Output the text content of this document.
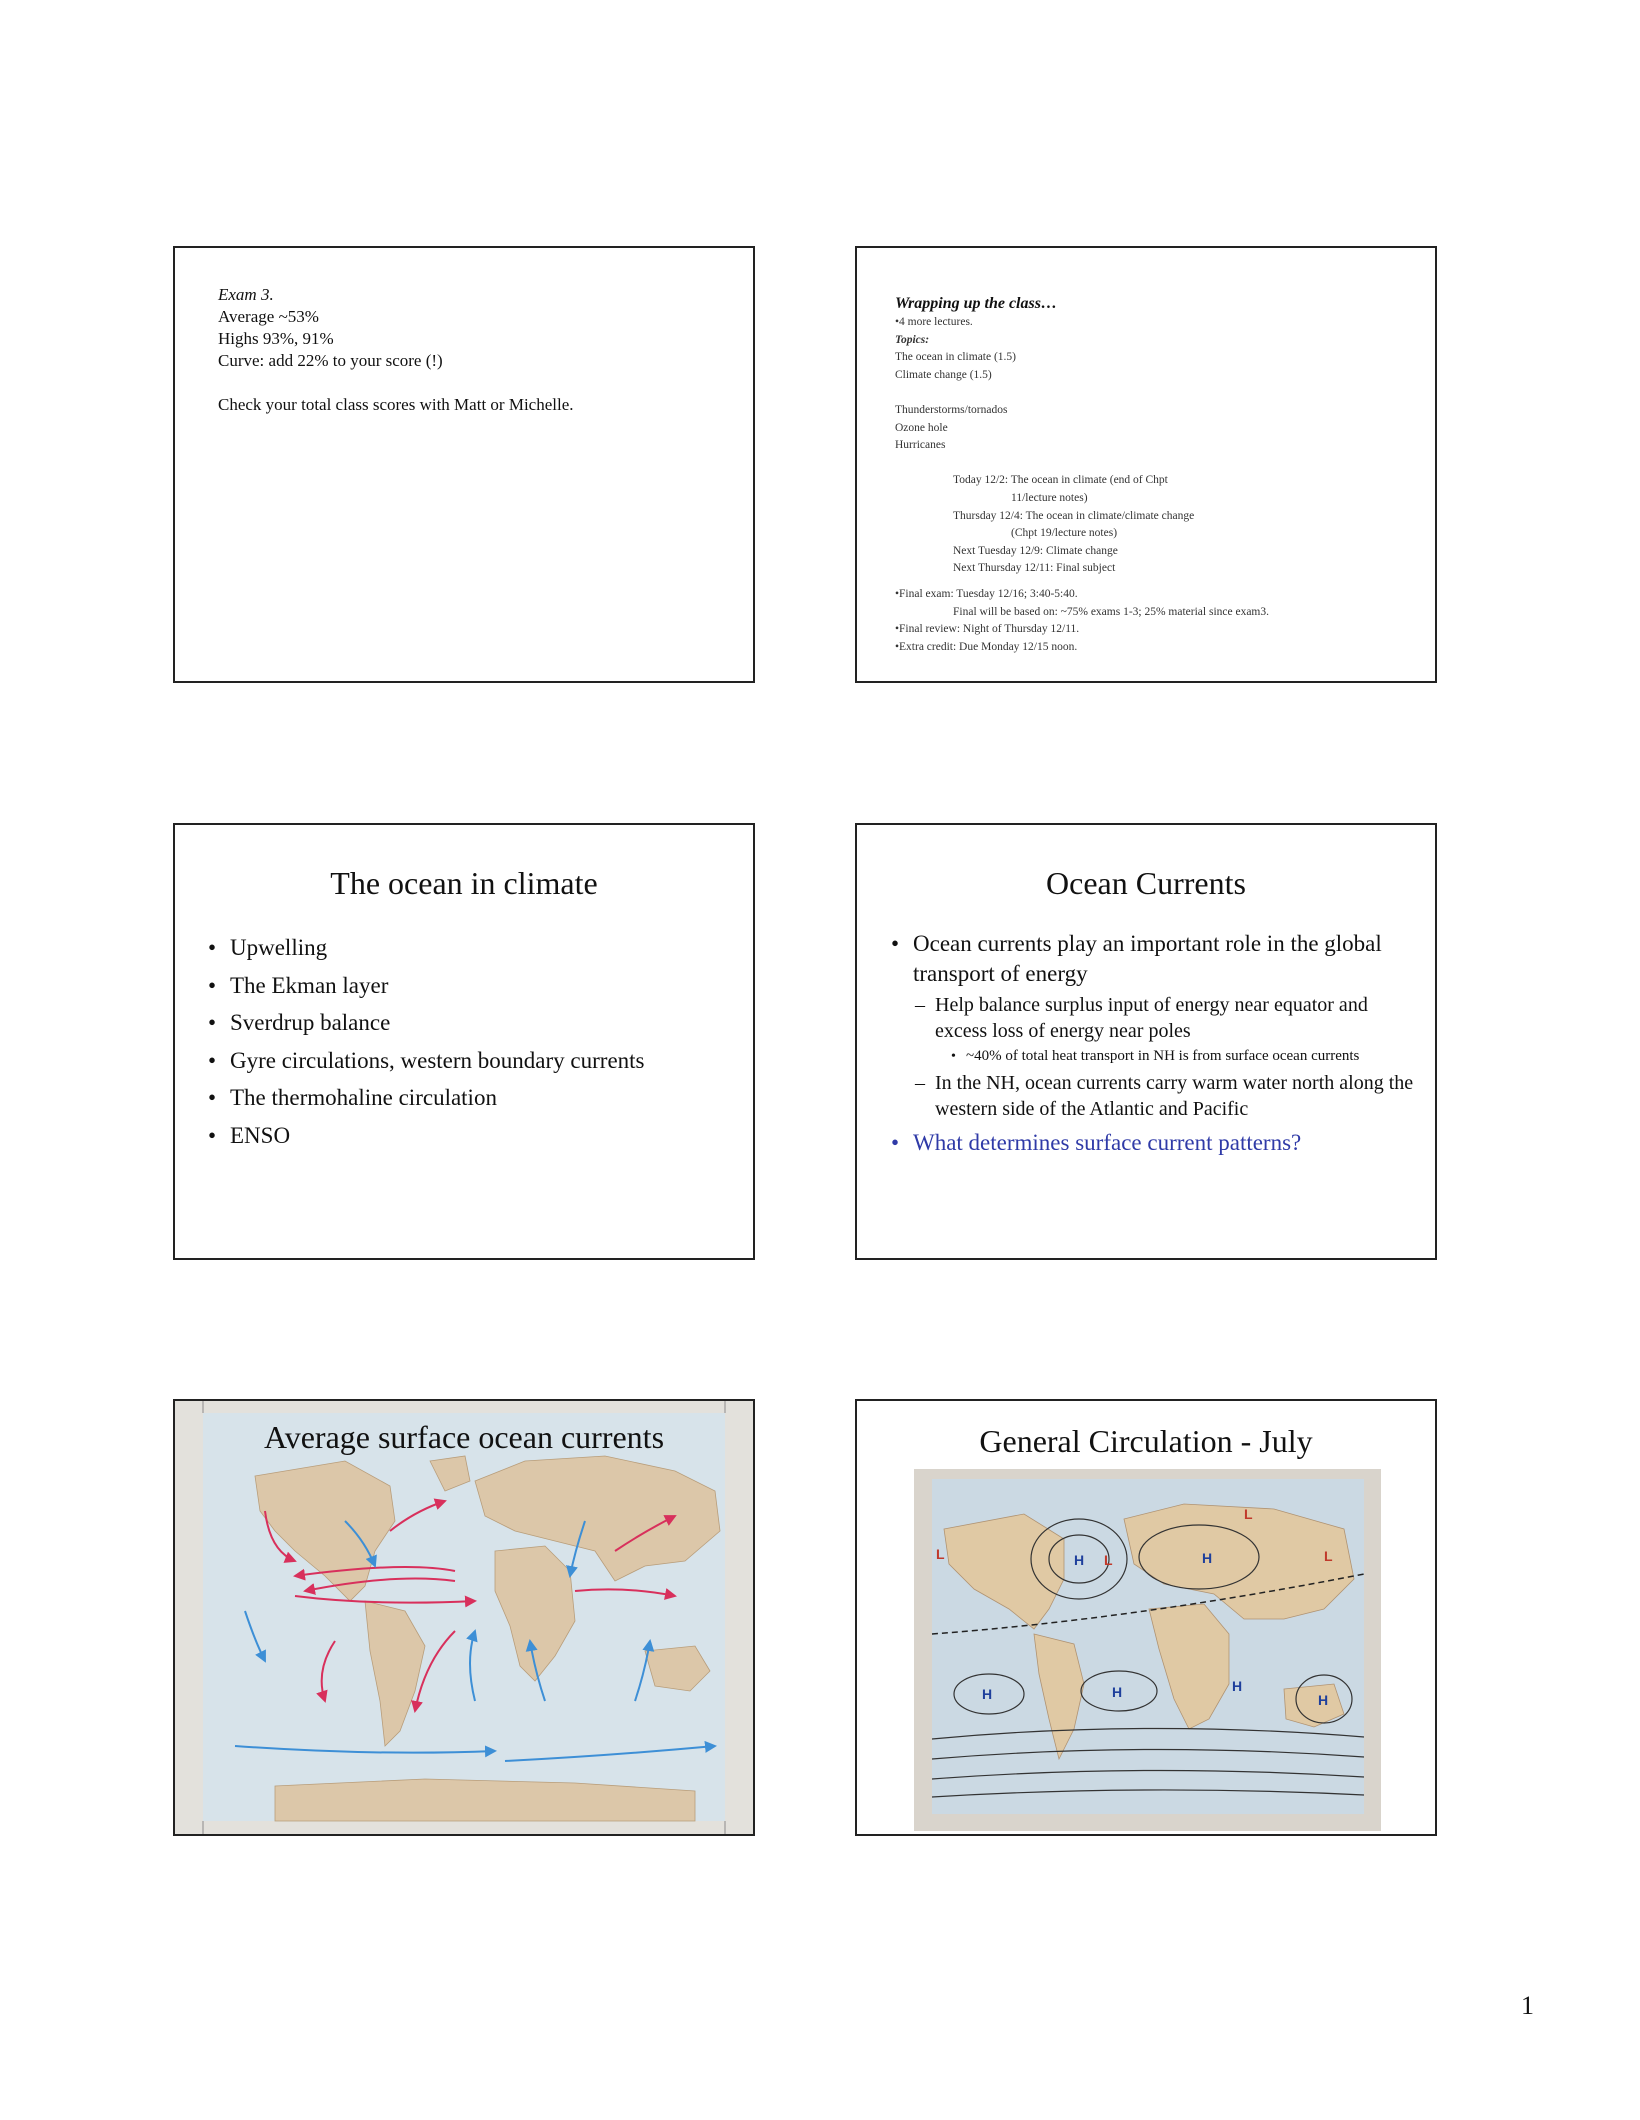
Exam 3.
Average ~53%
Highs 93%, 91%
Curve: add 22% to your score (!)
Check your total class scores with Matt or Michelle.
Wrapping up the class…
•4 more lectures.
Topics:
The ocean in climate (1.5)
Climate change (1.5)
Thunderstorms/tornados
Ozone hole
Hurricanes
Today 12/2: The ocean in climate (end of Chpt
11/lecture notes)
Thursday 12/4: The ocean in climate/climate change
(Chpt 19/lecture notes)
Next Tuesday 12/9: Climate change
Next Thursday 12/11: Final subject
•Final exam: Tuesday 12/16; 3:40-5:40.
Final will be based on: ~75% exams 1-3; 25% material since exam3.
•Final review: Night of Thursday 12/11.
•Extra credit: Due Monday 12/15 noon.
The ocean in climate
• Upwelling
• The Ekman layer
• Sverdrup balance
• Gyre circulations, western boundary currents
• The thermohaline circulation
• ENSO
Ocean Currents
• Ocean currents play an important role in the global transport of energy
– Help balance surplus input of energy near equator and excess loss of energy near poles
• ~40% of total heat transport in NH is from surface ocean currents
– In the NH, ocean currents carry warm water north along the western side of the Atlantic and Pacific
• What determines surface current patterns?
Average surface ocean currents	General Circulation - July
H	H
H	H	H
H
L
L
L	L
1
